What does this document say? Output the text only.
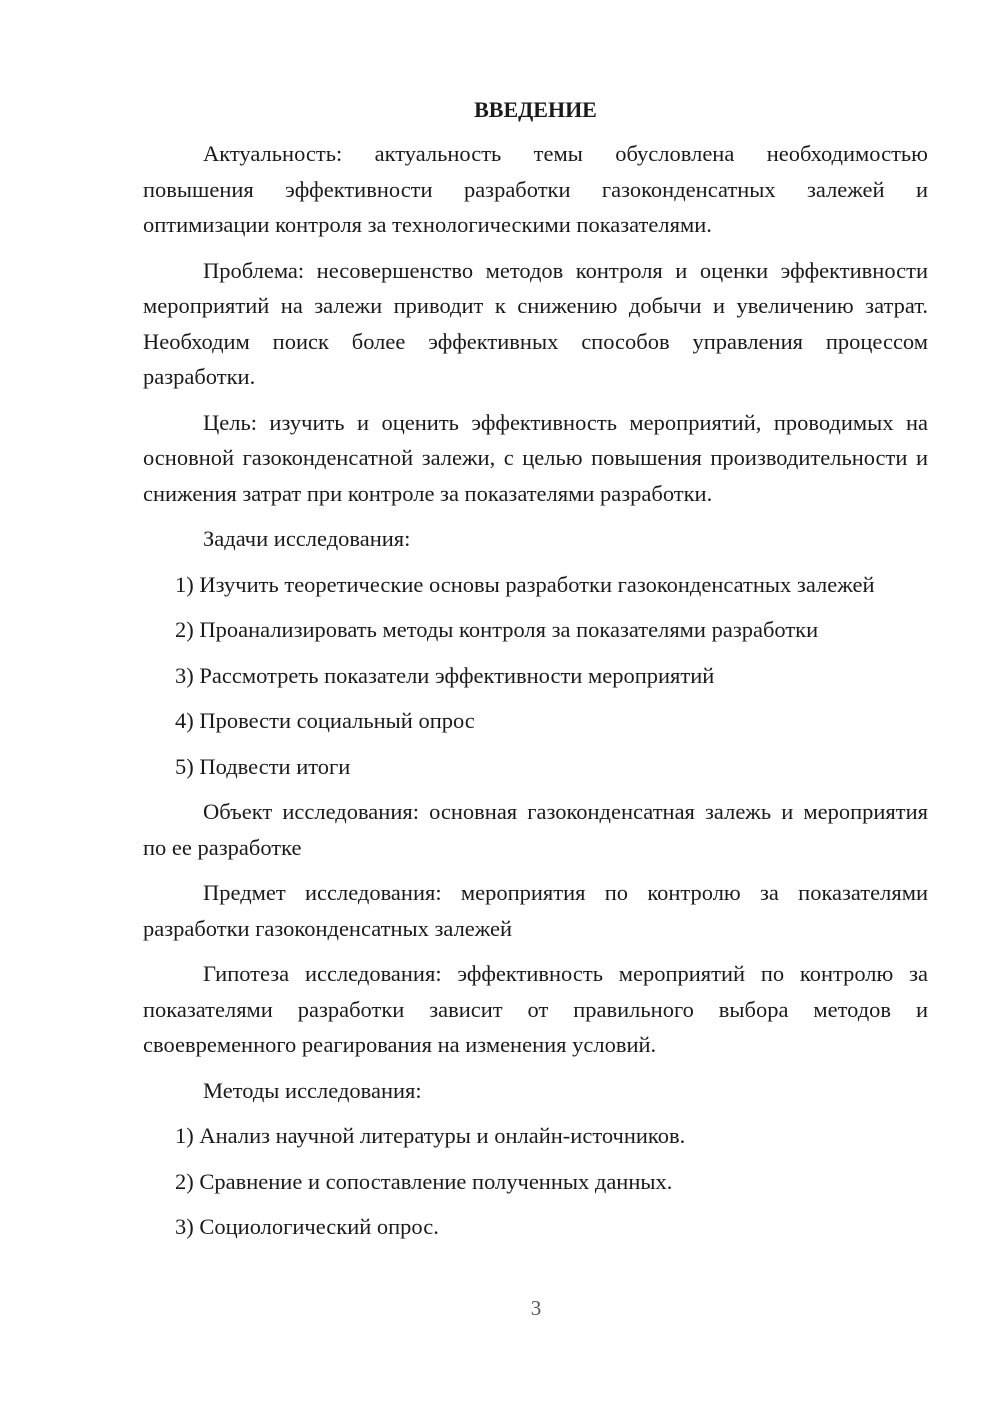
ВВЕДЕНИЕ

Актуальность: актуальность темы обусловлена необходимостью повышения эффективности разработки газоконденсатных залежей и оптимизации контроля за технологическими показателями.

Проблема: несовершенство методов контроля и оценки эффективности мероприятий на залежи приводит к снижению добычи и увеличению затрат. Необходим поиск более эффективных способов управления процессом разработки.

Цель: изучить и оценить эффективность мероприятий, проводимых на основной газоконденсатной залежи, с целью повышения производительности и снижения затрат при контроле за показателями разработки.

Задачи исследования:

1) Изучить теоретические основы разработки газоконденсатных залежей

2) Проанализировать методы контроля за показателями разработки

3) Рассмотреть показатели эффективности мероприятий

4) Провести социальный опрос

5) Подвести итоги

Объект исследования: основная газоконденсатная залежь и мероприятия по ее разработке

Предмет исследования: мероприятия по контролю за показателями разработки газоконденсатных залежей

Гипотеза исследования: эффективность мероприятий по контролю за показателями разработки зависит от правильного выбора методов и своевременного реагирования на изменения условий.

Методы исследования:

1) Анализ научной литературы и онлайн-источников.

2) Сравнение и сопоставление полученных данных.

3) Социологический опрос.

3
